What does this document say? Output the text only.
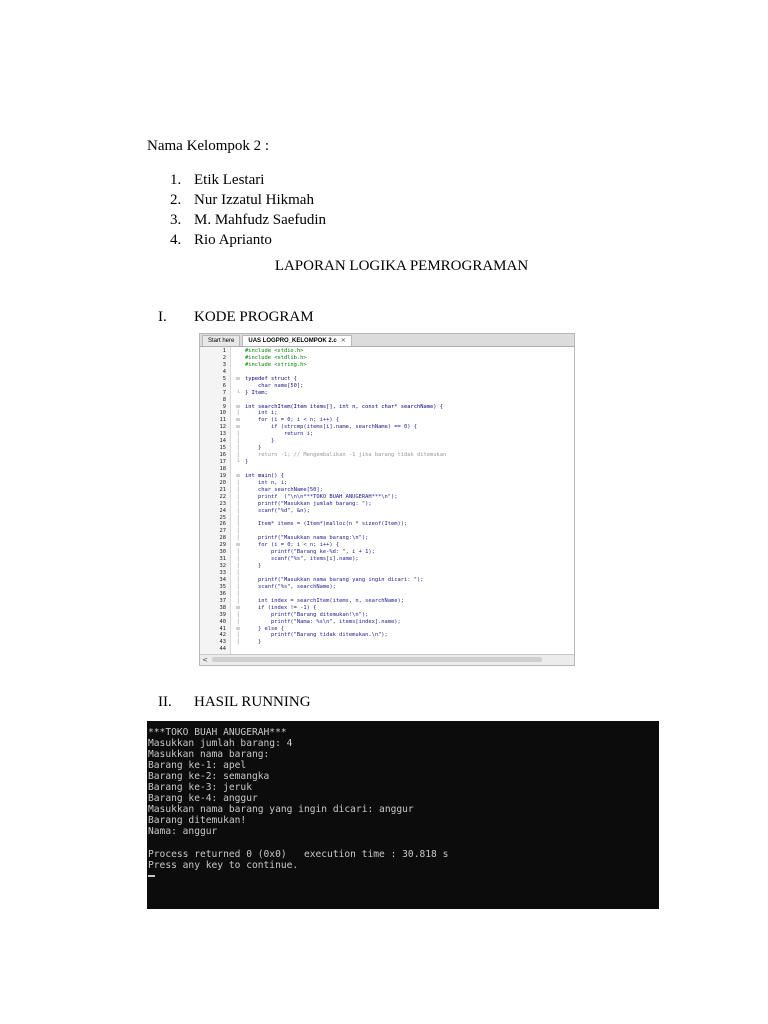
Nama Kelompok 2 :
1. Etik Lestari
2. Nur Izzatul Hikmah
3. M. Mahfudz Saefudin
4. Rio Aprianto
LAPORAN LOGIKA PEMROGRAMAN
I. KODE PROGRAM
Start here	UAS LOGPRO_KELOMPOK 2.c ✕
1	#include <stdio.h>
2	#include <stdlib.h>
3	#include <string.h>
4
5 ⊟ typedef struct {
6	char name[50];
7 └ } Item;
8
9 ⊟ int searchItem(Item items[], int n, const char* searchName) {
10 │ int i;
11 ⊟ for (i = 0; i < n; i++) {
12 ⊟ if (strcmp(items[i].name, searchName) == 0) {
13 │ return i;
14 │ }
15 │ }
16 │ return -1; // Mengembalikan -1 jika barang tidak ditemukan
17 └ }
18
19 ⊟ int main() {
20 │ int n, i;
21 │ char searchName[50];
22 │ printf  ("\n\n***TOKO BUAH ANUGERAH***\n");
23 │ printf("Masukkan jumlah barang: ");
24 │ scanf("%d", &n);
25 │
26 │ Item* items = (Item*)malloc(n * sizeof(Item));
27 │
28 │ printf("Masukkan nama barang:\n");
29 ⊟ for (i = 0; i < n; i++) {
30 │ printf("Barang ke-%d: ", i + 1);
31 │ scanf("%s", items[i].name);
32 │ }
33 │
34 │ printf("Masukkan nama barang yang ingin dicari: ");
35 │ scanf("%s", searchName);
36 │
37 │ int index = searchItem(items, n, searchName);
38 ⊟ if (index != -1) {
39 │ printf("Barang ditemukan!\n");
40 │ printf("Nama: %s\n", items[index].name);
41 ⊟ } else {
42 │ printf("Barang tidak ditemukan.\n");
43 │ }
44
<
II. HASIL RUNNING
***TOKO BUAH ANUGERAH***
Masukkan jumlah barang: 4
Masukkan nama barang:
Barang ke-1: apel
Barang ke-2: semangka
Barang ke-3: jeruk
Barang ke-4: anggur
Masukkan nama barang yang ingin dicari: anggur
Barang ditemukan!
Nama: anggur
Process returned 0 (0x0)   execution time : 30.818 s
Press any key to continue.
